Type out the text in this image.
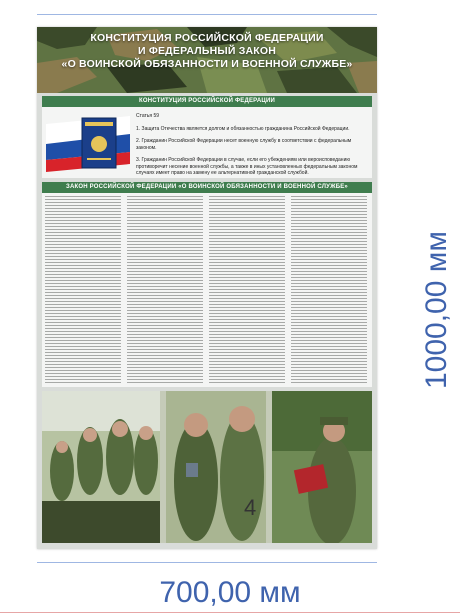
КОНСТИТУЦИЯ РОССИЙСКОЙ ФЕДЕРАЦИИ
И ФЕДЕРАЛЬНЫЙ ЗАКОН
«О ВОИНСКОЙ ОБЯЗАННОСТИ И ВОЕННОЙ СЛУЖБЕ»
КОНСТИТУЦИЯ РОССИЙСКОЙ ФЕДЕРАЦИИ

Статья 59

1. Защита Отечества является долгом и обязанностью гражданина Российской Федерации.

2. Гражданин Российской Федерации несет военную службу в соответствии с федеральным законом.

3. Гражданин Российской Федерации в случае, если его убеждениям или вероисповеданию противоречит несение военной службы, а также в иных установленных федеральным законом случаях имеет право на замену ее альтернативной гражданской службой.

ЗАКОН РОССИЙСКОЙ ФЕДЕРАЦИИ «О ВОИНСКОЙ ОБЯЗАННОСТИ И ВОЕННОЙ СЛУЖБЕ»
4
1000,00 мм
700,00 мм
